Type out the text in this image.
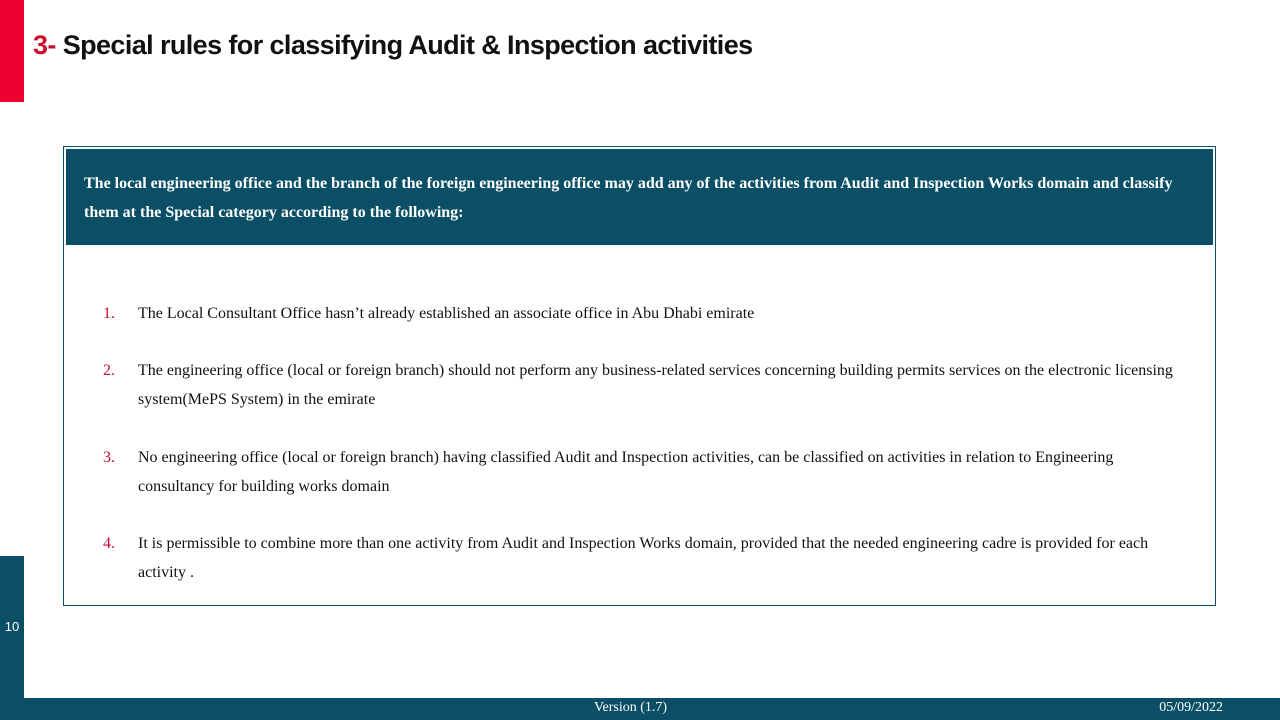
10
3- Special rules for classifying Audit & Inspection activities
The local engineering office and the branch of the foreign engineering office may add any of the activities from Audit and Inspection Works domain and classify them at the Special category according to the following:
1. The Local Consultant Office hasn’t already established an associate office in Abu Dhabi emirate
2. The engineering office (local or foreign branch) should not perform any business-related services concerning building permits services on the electronic licensing system(MePS System) in the emirate
3. No engineering office (local or foreign branch) having classified Audit and Inspection activities, can be classified on activities in relation to Engineering consultancy for building works domain
4. It is permissible to combine more than one activity from Audit and Inspection Works domain, provided that the needed engineering cadre is provided for each activity .
Version (1.7)	05/09/2022
